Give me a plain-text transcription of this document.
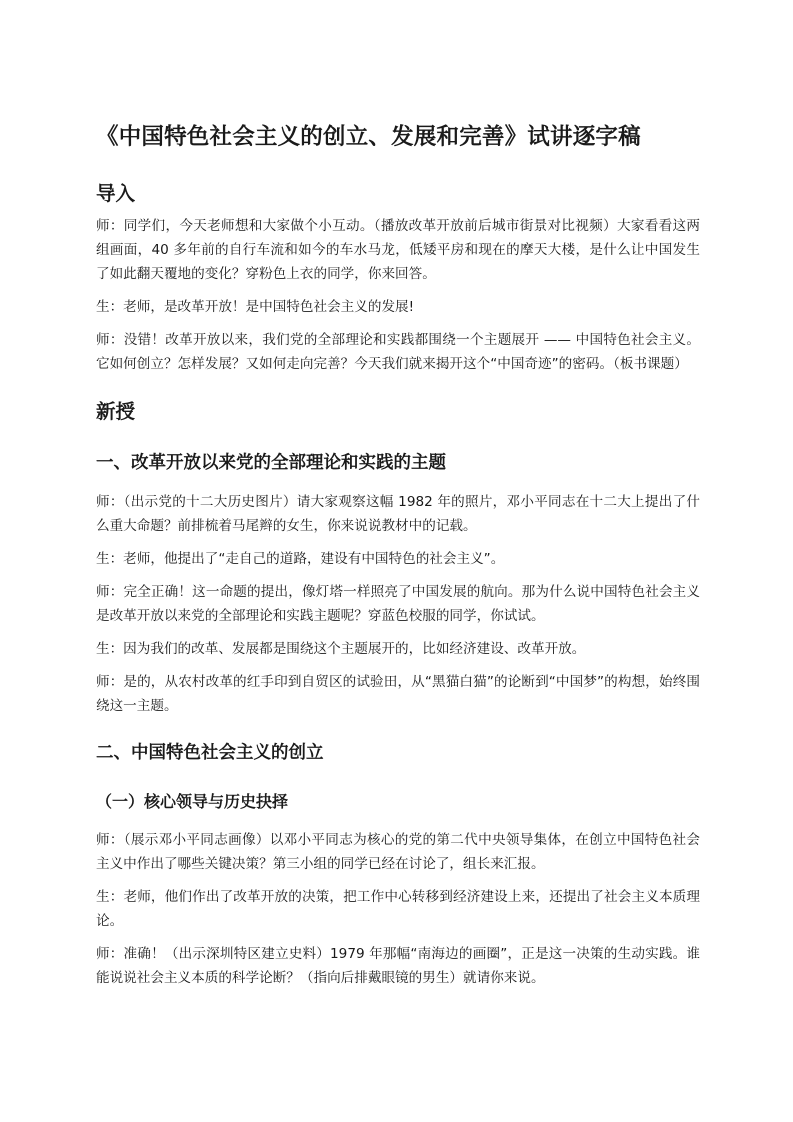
《中国特色社会主义的创立、发展和完善》试讲逐字稿
导入

师：同学们，今天老师想和大家做个小互动。（播放改革开放前后城市街景对比视频）大家看看这两组画面，40 多年前的自行车流和如今的车水马龙，低矮平房和现在的摩天大楼，是什么让中国发生了如此翻天覆地的变化？穿粉色上衣的同学，你来回答。

生：老师，是改革开放！是中国特色社会主义的发展!

师：没错！改革开放以来，我们党的全部理论和实践都围绕一个主题展开 —— 中国特色社会主义。它如何创立？怎样发展？又如何走向完善？今天我们就来揭开这个“中国奇迹”的密码。（板书课题）

新授
一、改革开放以来党的全部理论和实践的主题

师：（出示党的十二大历史图片）请大家观察这幅 1982 年的照片，邓小平同志在十二大上提出了什么重大命题？前排梳着马尾辫的女生，你来说说教材中的记载。

生：老师，他提出了“走自己的道路，建设有中国特色的社会主义”。

师：完全正确！这一命题的提出，像灯塔一样照亮了中国发展的航向。那为什么说中国特色社会主义是改革开放以来党的全部理论和实践主题呢？穿蓝色校服的同学，你试试。

生：因为我们的改革、发展都是围绕这个主题展开的，比如经济建设、改革开放。

师：是的，从农村改革的红手印到自贸区的试验田，从“黑猫白猫”的论断到“中国梦”的构想，始终围绕这一主题。

二、中国特色社会主义的创立
（一）核心领导与历史抉择

师：（展示邓小平同志画像）以邓小平同志为核心的党的第二代中央领导集体，在创立中国特色社会主义中作出了哪些关键决策？第三小组的同学已经在讨论了，组长来汇报。

生：老师，他们作出了改革开放的决策，把工作中心转移到经济建设上来，还提出了社会主义本质理论。

师：准确！（出示深圳特区建立史料）1979 年那幅“南海边的画圈”，正是这一决策的生动实践。谁能说说社会主义本质的科学论断？（指向后排戴眼镜的男生）就请你来说。
